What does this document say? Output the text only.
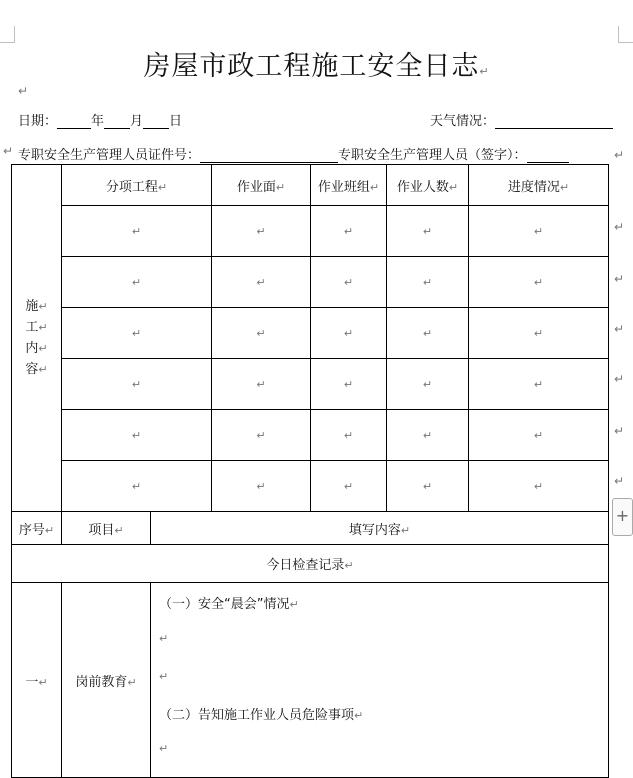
房屋市政工程施工安全日志↵
↵
日期：	年 月 日	天气情况：
↵ 专职安全生产管理人员证件号：	专职安全生产管理人员（签字）：	↵
施↵
工↵
内↵
容↵	分项工程↵		作业面↵	作业班组↵	作业人数↵	进度情况↵
	↵		↵	↵	↵	↵
	↵		↵	↵	↵	↵
	↵		↵	↵	↵	↵
	↵		↵	↵	↵	↵
	↵		↵	↵	↵	↵
	↵		↵	↵	↵	↵
序号↵	项目↵	填写内容↵				
今日检查记录↵						
一↵	岗前教育↵	（一）安全“晨会”情况↵
↵
↵
（二）告知施工作业人员危险事项↵
↵				
↵
↵
↵
↵
↵
↵
+
